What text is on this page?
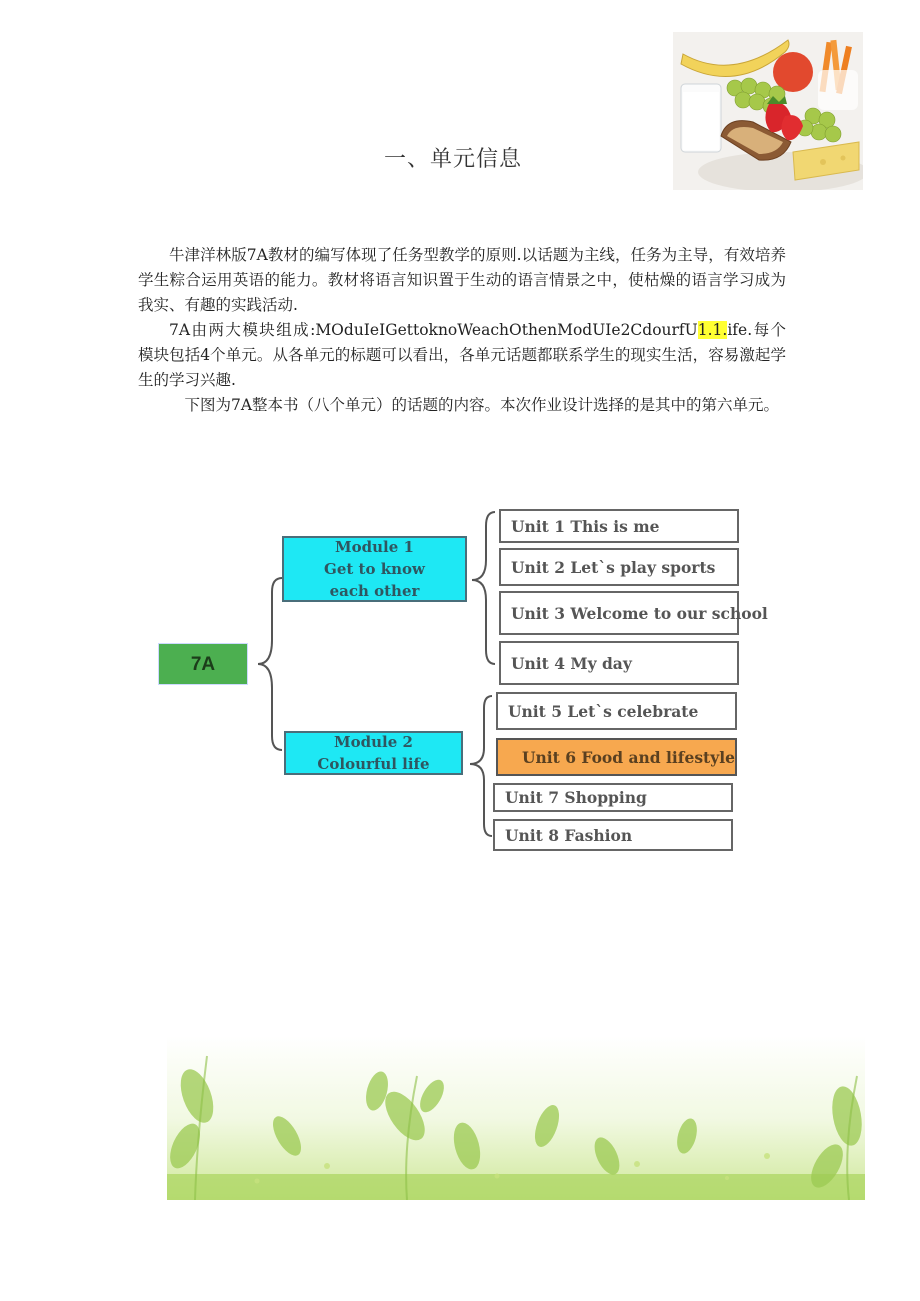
一、单元信息

牛津洋林版7A教材的编写体现了任务型教学的原则.以话题为主线，任务为主导，有效培养学生粽合运用英语的能力。教材将语言知识置于生动的语言情景之中，使枯燥的语言学习成为我实、有趣的实践活动.

7A由两大模块组成:MOduIeIGettoknoWeachOthenModUIe2CdourfU1.1.ife.每个模块包括4个单元。从各单元的标题可以看出，各单元话题都联系学生的现实生活，容易激起学生的学习兴趣.

下图为7A整本书（八个单元）的话题的内容。本次作业设计选择的是其中的第六单元。

7A
Module 1
Get to know
each other
Module 2
Colourful life
Unit 1 This is me
Unit 2 Let`s play sports
Unit 3 Welcome to our school
Unit 4 My day
Unit 5 Let`s celebrate
Unit 6 Food and lifestyle
Unit 7 Shopping
Unit 8 Fashion
